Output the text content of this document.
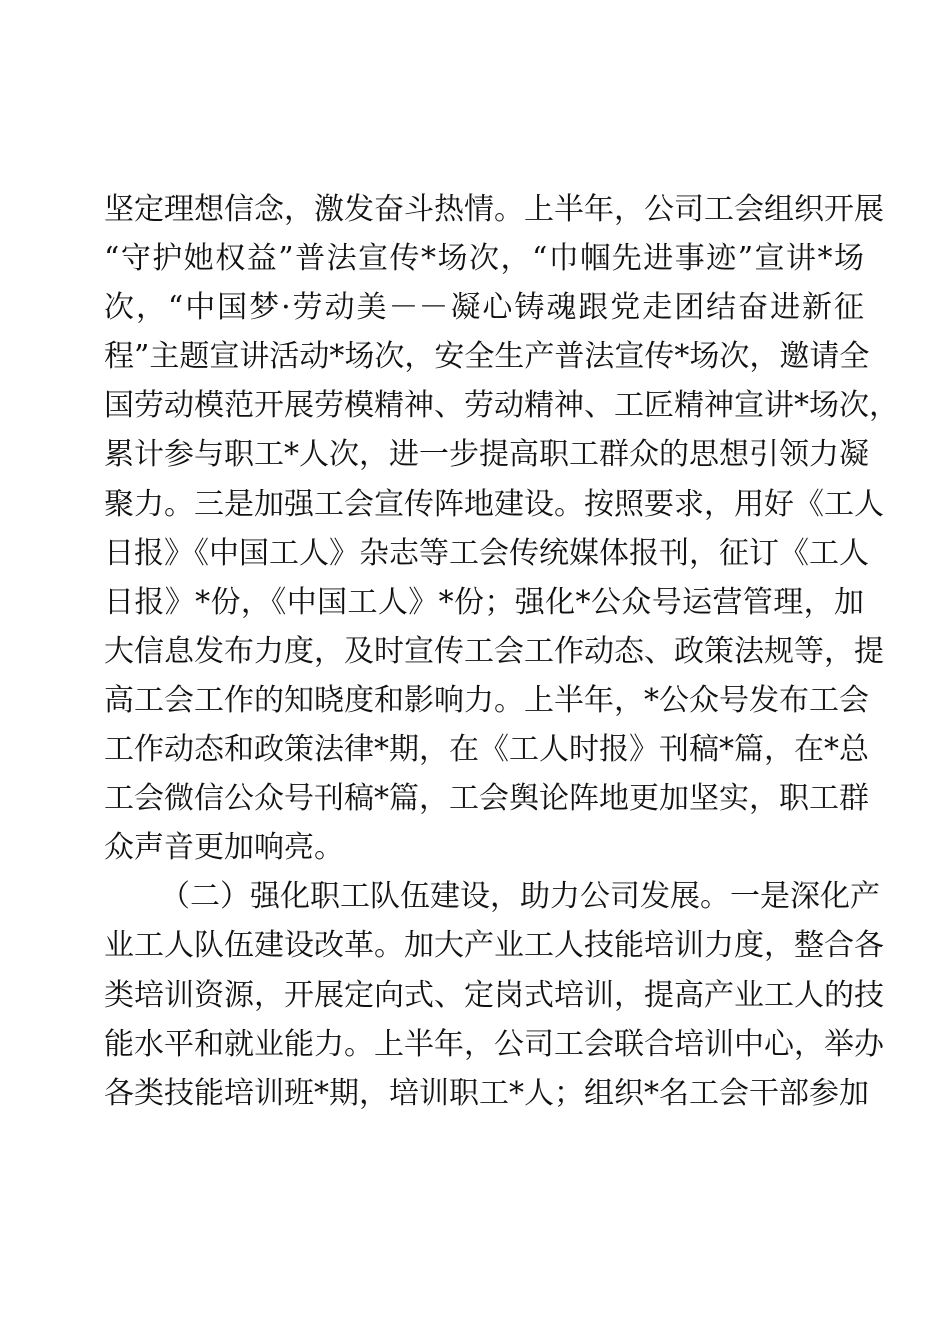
坚定理想信念，激发奋斗热情。上半年，公司工会组织开展
“守护她权益”普法宣传*场次，“巾帼先进事迹”宣讲*场
次，“中国梦·劳动美－－凝心铸魂跟党走团结奋进新征
程”主题宣讲活动*场次，安全生产普法宣传*场次，邀请全
国劳动模范开展劳模精神、劳动精神、工匠精神宣讲*场次，
累计参与职工*人次，进一步提高职工群众的思想引领力凝
聚力。三是加强工会宣传阵地建设。按照要求，用好《工人
日报》《中国工人》杂志等工会传统媒体报刊，征订《工人
日报》*份，《中国工人》*份；强化*公众号运营管理，加
大信息发布力度，及时宣传工会工作动态、政策法规等，提
高工会工作的知晓度和影响力。上半年，*公众号发布工会
工作动态和政策法律*期，在《工人时报》刊稿*篇，在*总
工会微信公众号刊稿*篇，工会舆论阵地更加坚实，职工群
众声音更加响亮。
（二）强化职工队伍建设，助力公司发展。一是深化产
业工人队伍建设改革。加大产业工人技能培训力度，整合各
类培训资源，开展定向式、定岗式培训，提高产业工人的技
能水平和就业能力。上半年，公司工会联合培训中心，举办
各类技能培训班*期，培训职工*人；组织*名工会干部参加
